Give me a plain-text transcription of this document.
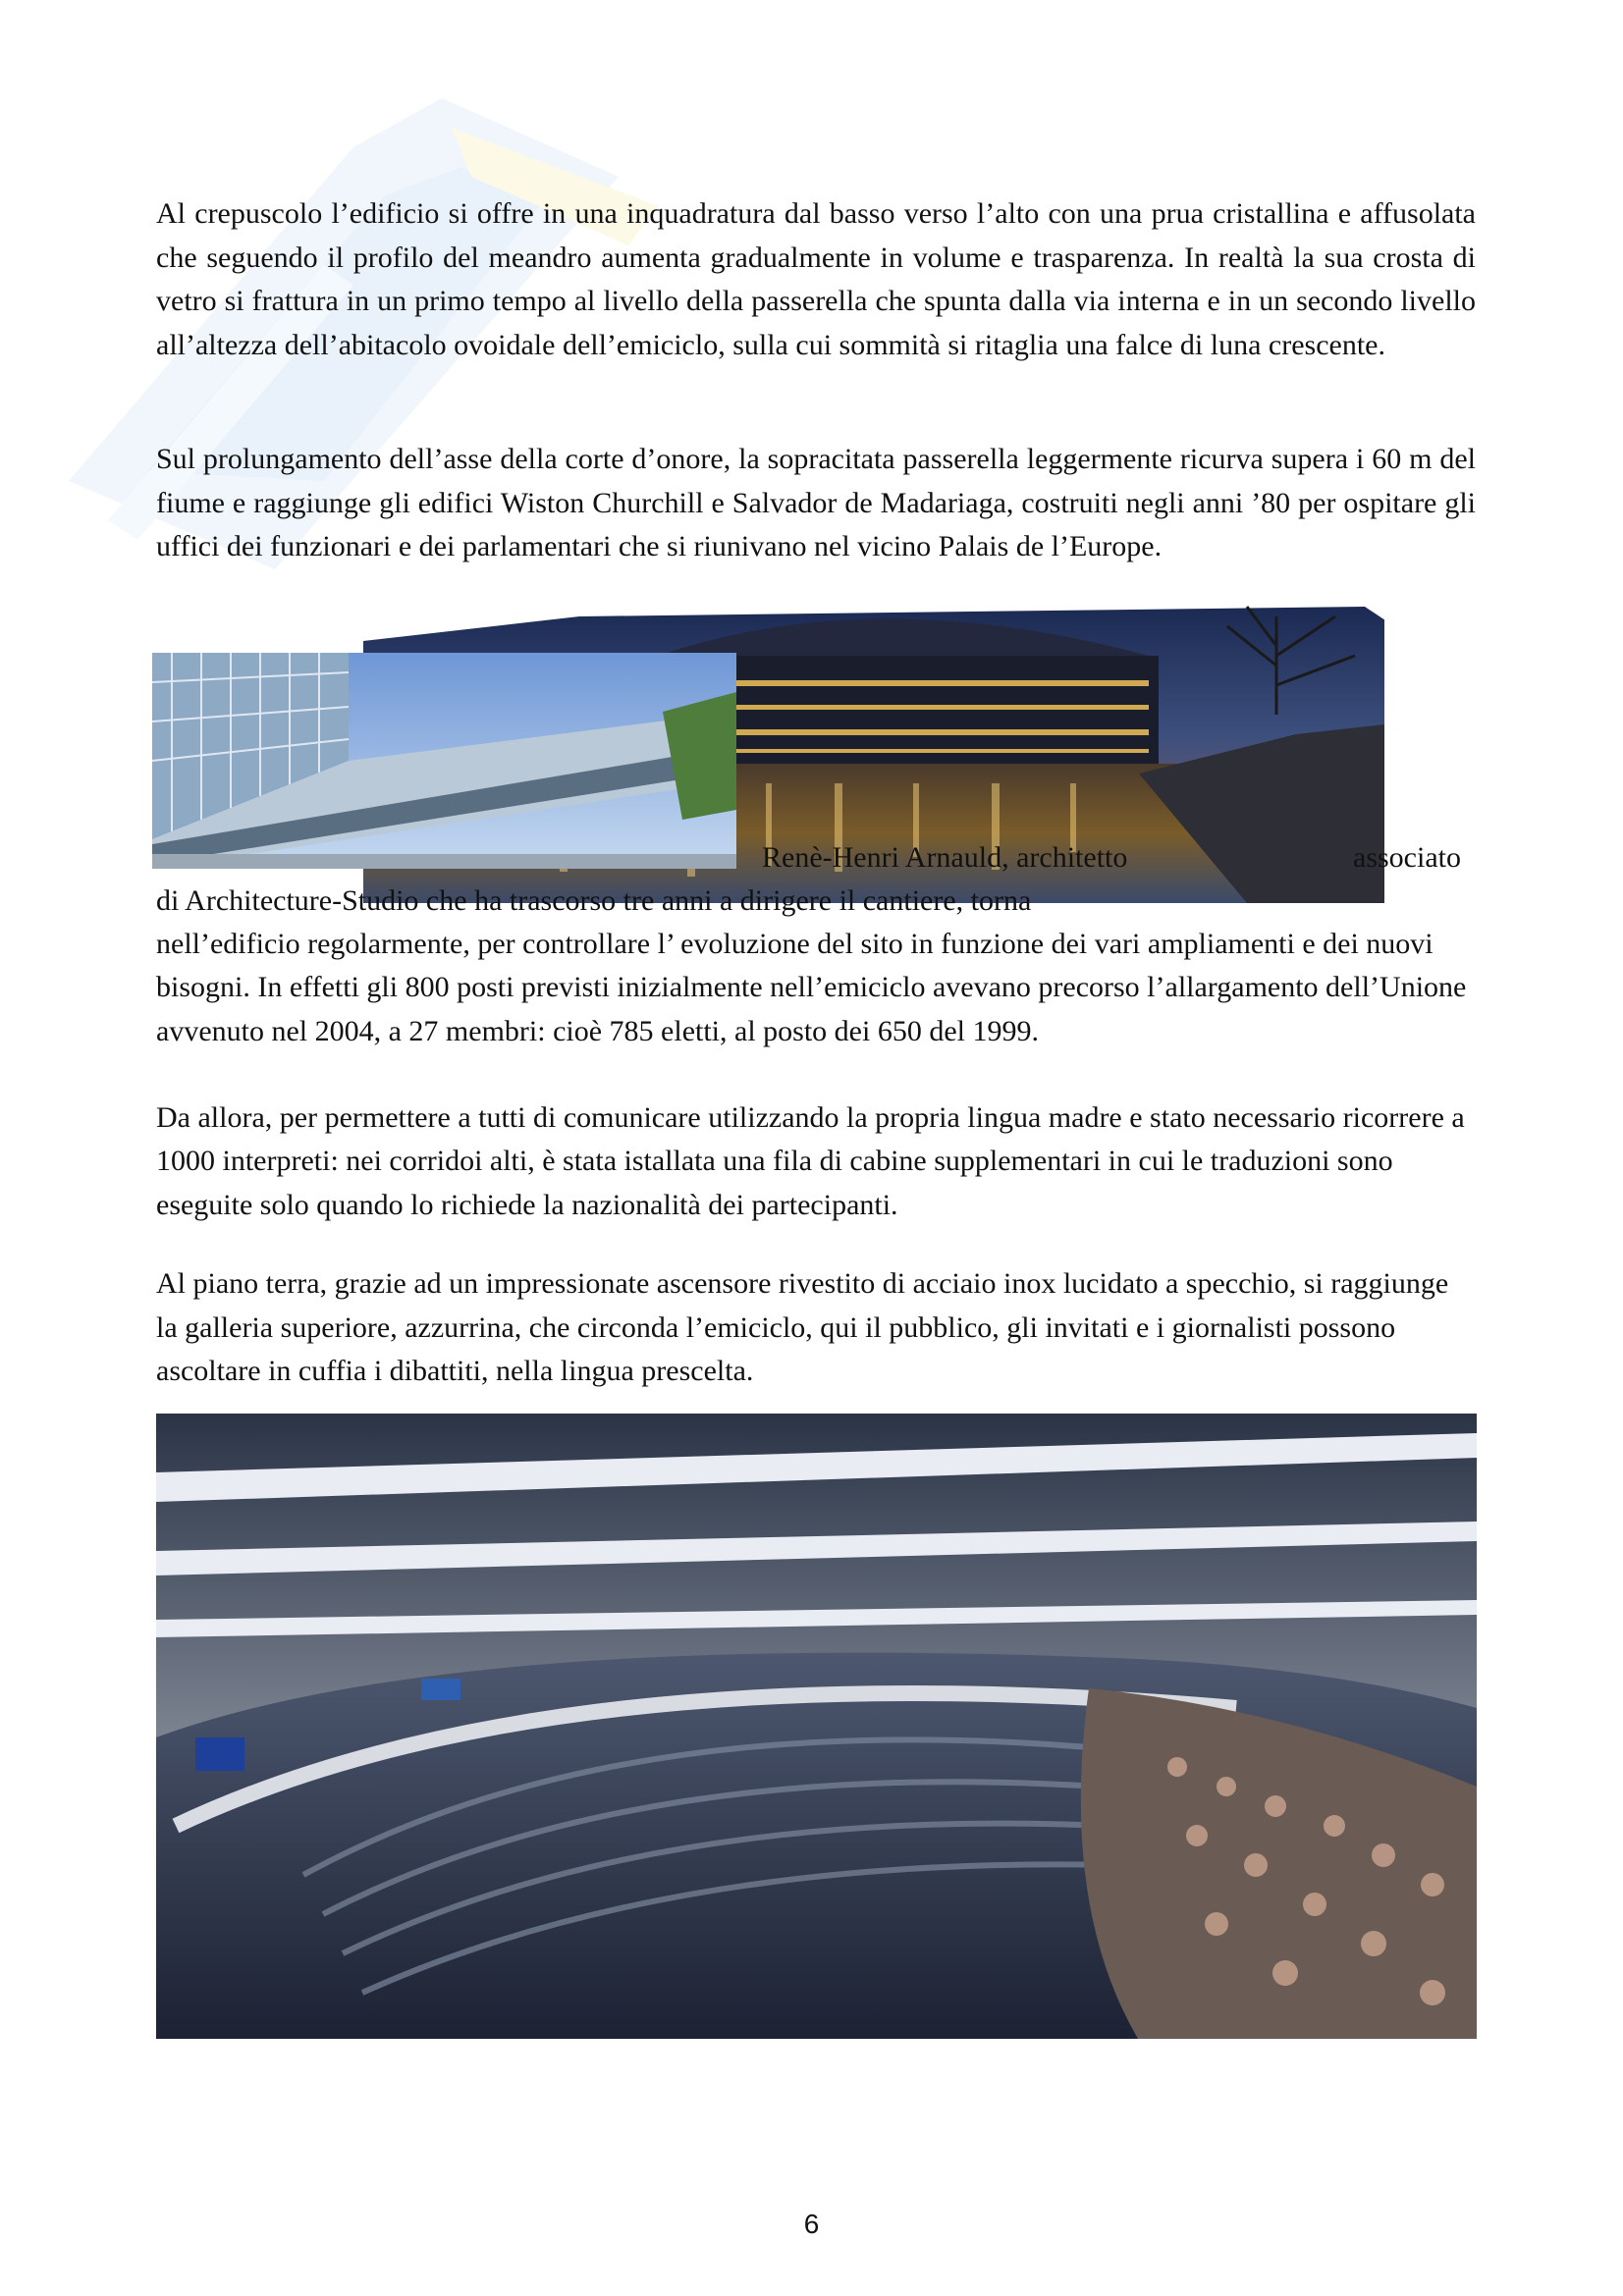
Al crepuscolo l’edificio si offre in una inquadratura dal basso verso l’alto con una prua cristallina e affusolata che seguendo il profilo del meandro aumenta gradualmente in volume e trasparenza. In realtà la sua crosta di vetro si frattura in un primo tempo al livello della passerella che spunta dalla via interna e in un secondo livello all’altezza dell’abitacolo ovoidale dell’emiciclo, sulla cui sommità si ritaglia una falce di luna crescente.

Sul prolungamento dell’asse della corte d’onore, la sopracitata passerella leggermente ricurva supera i 60 m del fiume e raggiunge gli edifici Wiston Churchill e Salvador de Madariaga, costruiti negli anni ’80 per ospitare gli uffici dei funzionari e dei parlamentari che si riunivano nel vicino Palais de l’Europe.

Renè-Henri Arnauld, architetto	associato
di Architecture-Studio che ha trascorso tre anni a dirigere il cantiere, torna

nell’edificio regolarmente, per controllare l’ evoluzione del sito in funzione dei vari ampliamenti e dei nuovi bisogni. In effetti gli 800 posti previsti inizialmente nell’emiciclo avevano precorso l’allargamento dell’Unione avvenuto nel 2004, a 27 membri: cioè 785 eletti, al posto dei 650 del 1999.

Da allora, per permettere a tutti di comunicare utilizzando la propria lingua madre e stato necessario ricorrere a 1000 interpreti: nei corridoi alti, è stata istallata una fila di cabine supplementari in cui le traduzioni sono eseguite solo quando lo richiede la nazionalità dei partecipanti.

Al piano terra, grazie ad un impressionate ascensore rivestito di acciaio inox lucidato a specchio, si raggiunge la galleria superiore, azzurrina, che circonda l’emiciclo, qui il pubblico, gli invitati e i giornalisti possono ascoltare in cuffia i dibattiti, nella lingua prescelta.

6
